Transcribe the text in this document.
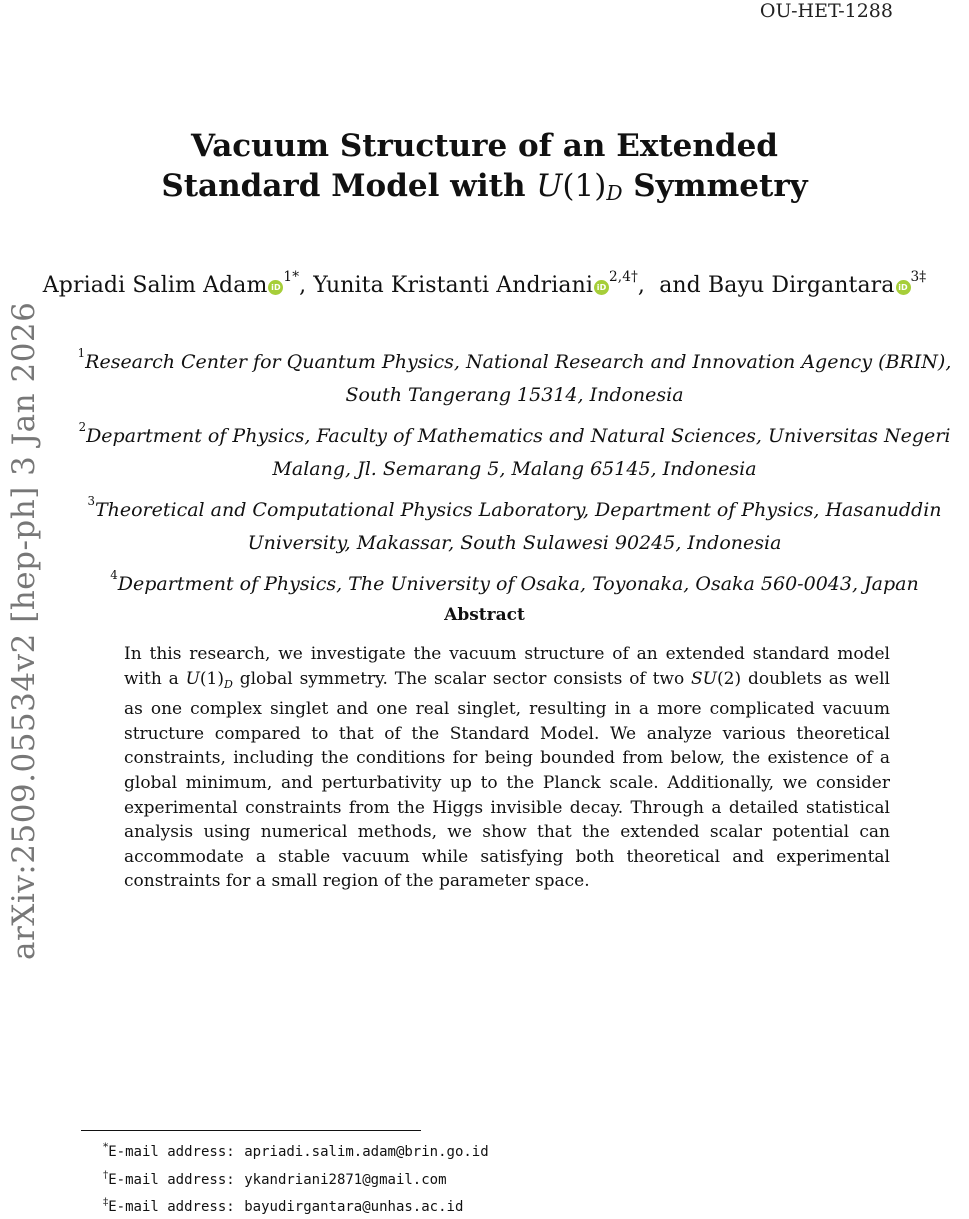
OU-HET-1288
arXiv:2509.05534v2 [hep-ph] 3 Jan 2026
Vacuum Structure of an Extended
Standard Model with U(1)D Symmetry
Apriadi Salim Adam $iD^{1*}$, Yunita Kristanti Andriani $iD^{2,4\dagger}$,  and Bayu Dirgantara $iD^{3\ddagger}$
$^1$Research Center for Quantum Physics, National Research and Innovation Agency (BRIN),
South Tangerang 15314, Indonesia
$^2$Department of Physics, Faculty of Mathematics and Natural Sciences, Universitas Negeri
Malang, Jl. Semarang 5, Malang 65145, Indonesia
$^3$Theoretical and Computational Physics Laboratory, Department of Physics, Hasanuddin
University, Makassar, South Sulawesi 90245, Indonesia
$^4$Department of Physics, The University of Osaka, Toyonaka, Osaka 560-0043, Japan
Abstract
In this research, we investigate the vacuum structure of an extended standard model with a $U(1)_D$ global symmetry. The scalar sector consists of two SU(2) doublets as well as one complex singlet and one real singlet, resulting in a more complicated vacuum structure compared to that of the Standard Model. We analyze various theoretical constraints, including the conditions for being bounded from below, the existence of a global minimum, and perturbativity up to the Planck scale. Additionally, we consider experimental constraints from the Higgs invisible decay. Through a detailed statistical analysis using numerical methods, we show that the extended scalar potential can accommodate a stable vacuum while satisfying both theoretical and experimental constraints for a small region of the parameter space.
*E-mail address: apriadi.salim.adam@brin.go.id
†E-mail address: ykandriani2871@gmail.com
‡E-mail address: bayudirgantara@unhas.ac.id
